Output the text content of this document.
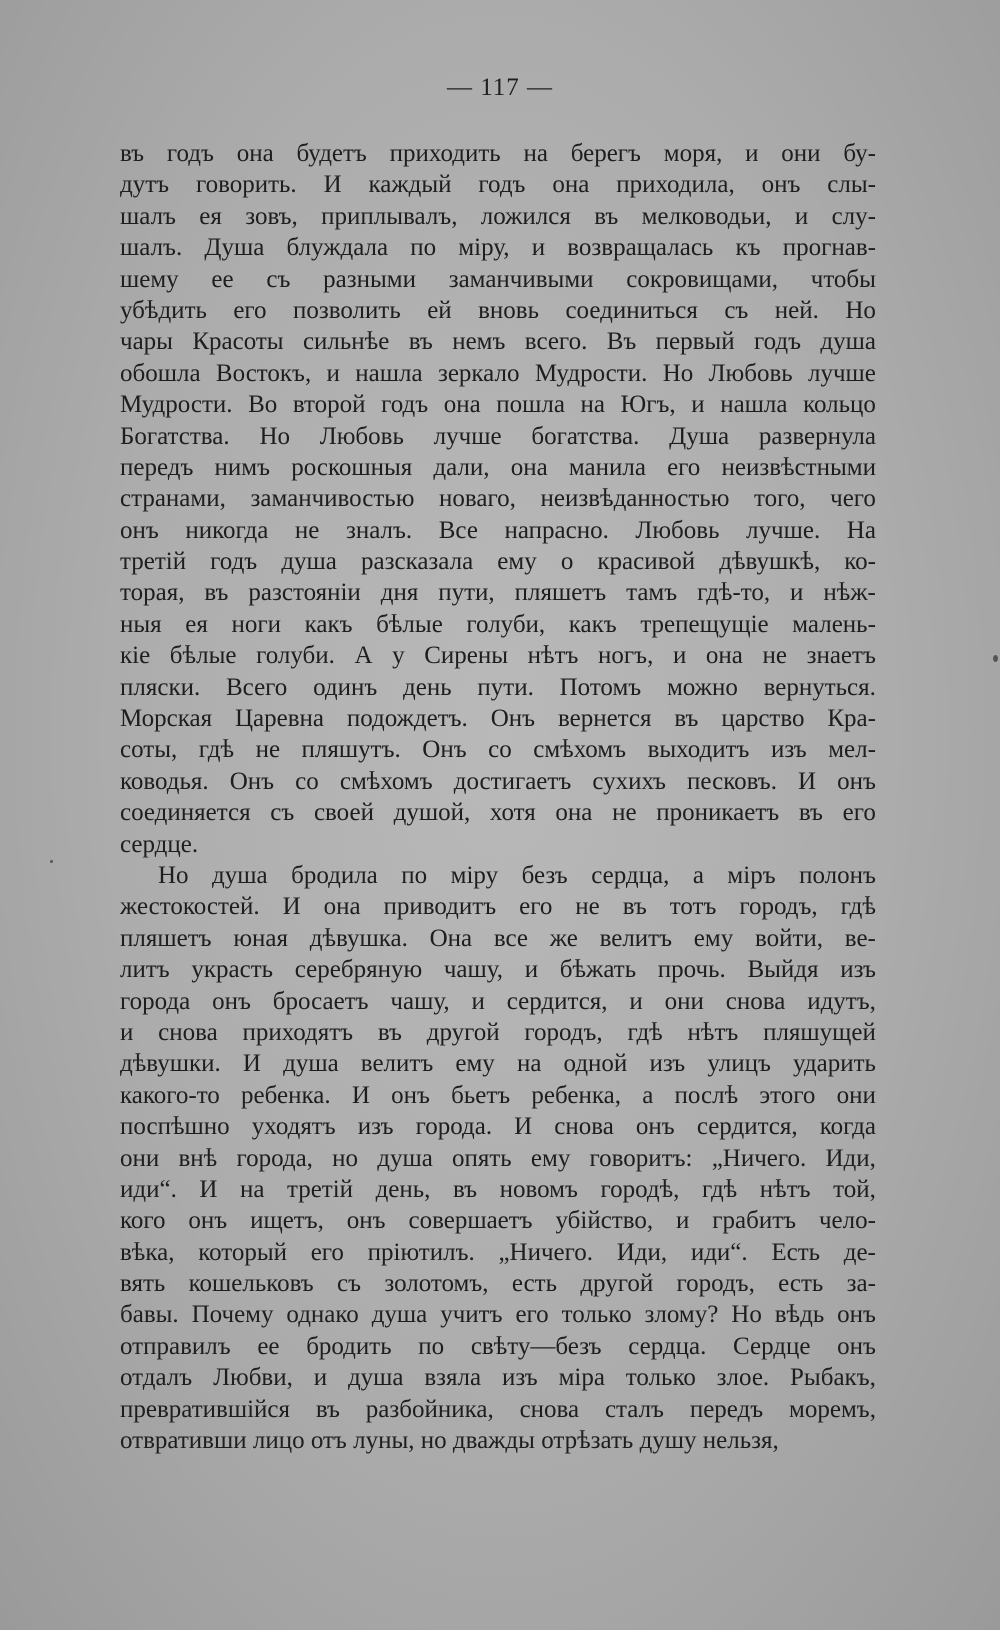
— 117 —
въ годъ она будетъ приходить на берегъ моря, и они бу-
дутъ говорить. И каждый годъ она приходила, онъ слы-
шалъ ея зовъ, приплывалъ, ложился въ мелководьи, и слу-
шалъ. Душа блуждала по міру, и возвращалась къ прогнав-
шему ее съ разными заманчивыми сокровищами, чтобы
убѣдить его позволить ей вновь соединиться съ ней. Но
чары Красоты сильнѣе въ немъ всего. Въ первый годъ душа
обошла Востокъ, и нашла зеркало Мудрости. Но Любовь лучше
Мудрости. Во второй годъ она пошла на Югъ, и нашла кольцо
Богатства. Но Любовь лучше богатства. Душа развернула
передъ нимъ роскошныя дали, она манила его неизвѣстными
странами, заманчивостью новаго, неизвѣданностью того, чего
онъ никогда не зналъ. Все напрасно. Любовь лучше. На
третій годъ душа разсказала ему о красивой дѣвушкѣ, ко-
торая, въ разстояніи дня пути, пляшетъ тамъ гдѣ-то, и нѣж-
ныя ея ноги какъ бѣлые голуби, какъ трепещущіе малень-
кіе бѣлые голуби. А у Сирены нѣтъ ногъ, и она не знаетъ
пляски. Всего одинъ день пути. Потомъ можно вернуться.
Морская Царевна подождетъ. Онъ вернется въ царство Кра-
соты, гдѣ не пляшутъ. Онъ со смѣхомъ выходитъ изъ мел-
ководья. Онъ со смѣхомъ достигаетъ сухихъ песковъ. И онъ
соединяется съ своей душой, хотя она не проникаетъ въ его
сердце.
Но душа бродила по міру безъ сердца, а міръ полонъ
жестокостей. И она приводитъ его не въ тотъ городъ, гдѣ
пляшетъ юная дѣвушка. Она все же велитъ ему войти, ве-
литъ украсть серебряную чашу, и бѣжать прочь. Выйдя изъ
города онъ бросаетъ чашу, и сердится, и они снова идутъ,
и снова приходятъ въ другой городъ, гдѣ нѣтъ пляшущей
дѣвушки. И душа велитъ ему на одной изъ улицъ ударить
какого-то ребенка. И онъ бьетъ ребенка, а послѣ этого они
поспѣшно уходятъ изъ города. И снова онъ сердится, когда
они внѣ города, но душа опять ему говоритъ: „Ничего. Иди,
иди“. И на третій день, въ новомъ городѣ, гдѣ нѣтъ той,
кого онъ ищетъ, онъ совершаетъ убійство, и грабитъ чело-
вѣка, который его пріютилъ. „Ничего. Иди, иди“. Есть де-
вять кошельковъ съ золотомъ, есть другой городъ, есть за-
бавы. Почему однако душа учитъ его только злому? Но вѣдь онъ
отправилъ ее бродить по свѣту—безъ сердца. Сердце онъ
отдалъ Любви, и душа взяла изъ міра только злое. Рыбакъ,
превратившійся въ разбойника, снова сталъ передъ моремъ,
отвративши лицо отъ луны, но дважды отрѣзать душу нельзя,
